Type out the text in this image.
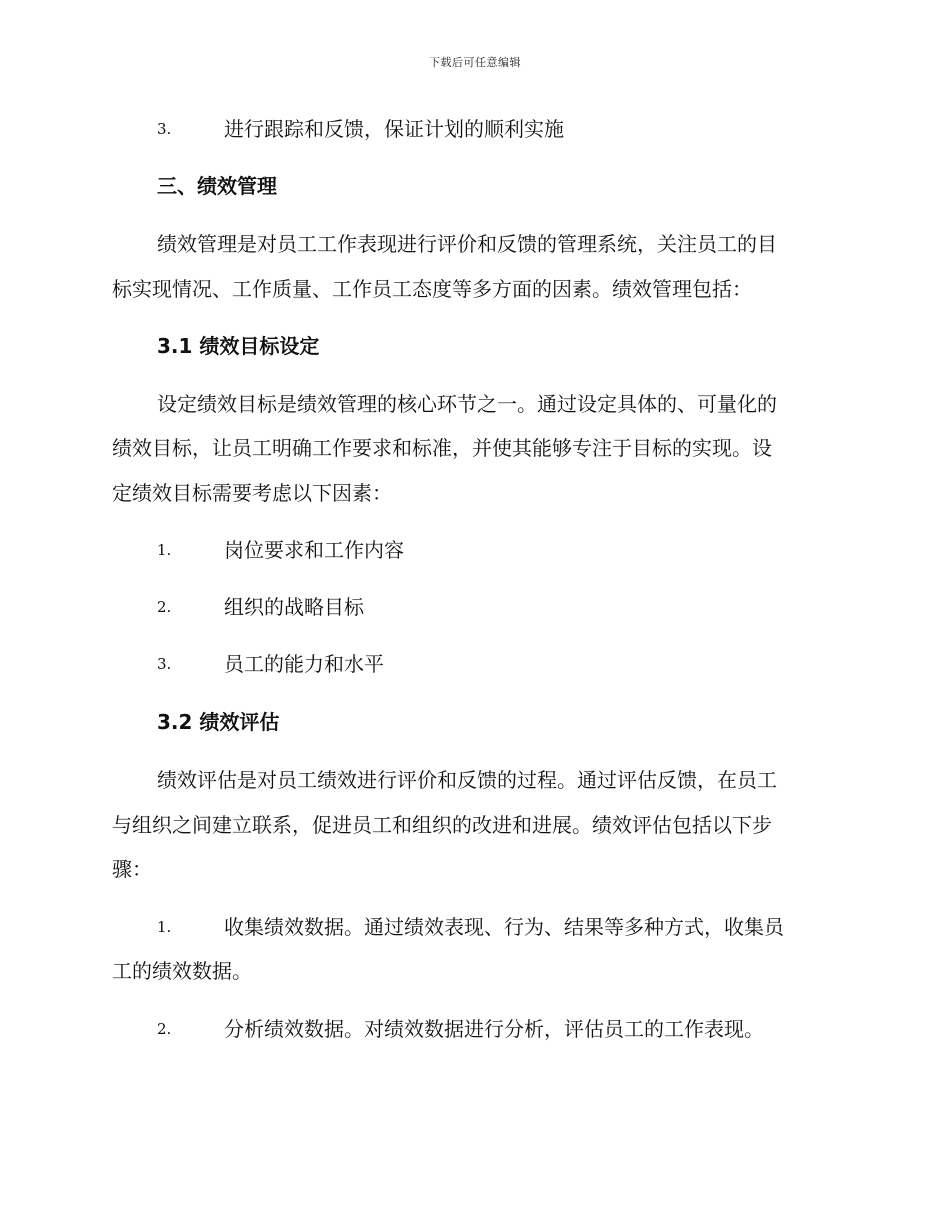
下载后可任意编辑
3.	进行跟踪和反馈，保证计划的顺利实施
三、绩效管理
绩效管理是对员工工作表现进行评价和反馈的管理系统，关注员工的目
标实现情况、工作质量、工作员工态度等多方面的因素。绩效管理包括：
3.1 绩效目标设定
设定绩效目标是绩效管理的核心环节之一。通过设定具体的、可量化的
绩效目标，让员工明确工作要求和标准，并使其能够专注于目标的实现。设
定绩效目标需要考虑以下因素：
1.	岗位要求和工作内容
2.	组织的战略目标
3.	员工的能力和水平
3.2 绩效评估
绩效评估是对员工绩效进行评价和反馈的过程。通过评估反馈，在员工
与组织之间建立联系，促进员工和组织的改进和进展。绩效评估包括以下步
骤：
1.	收集绩效数据。通过绩效表现、行为、结果等多种方式，收集员
工的绩效数据。
2.	分析绩效数据。对绩效数据进行分析，评估员工的工作表现。
